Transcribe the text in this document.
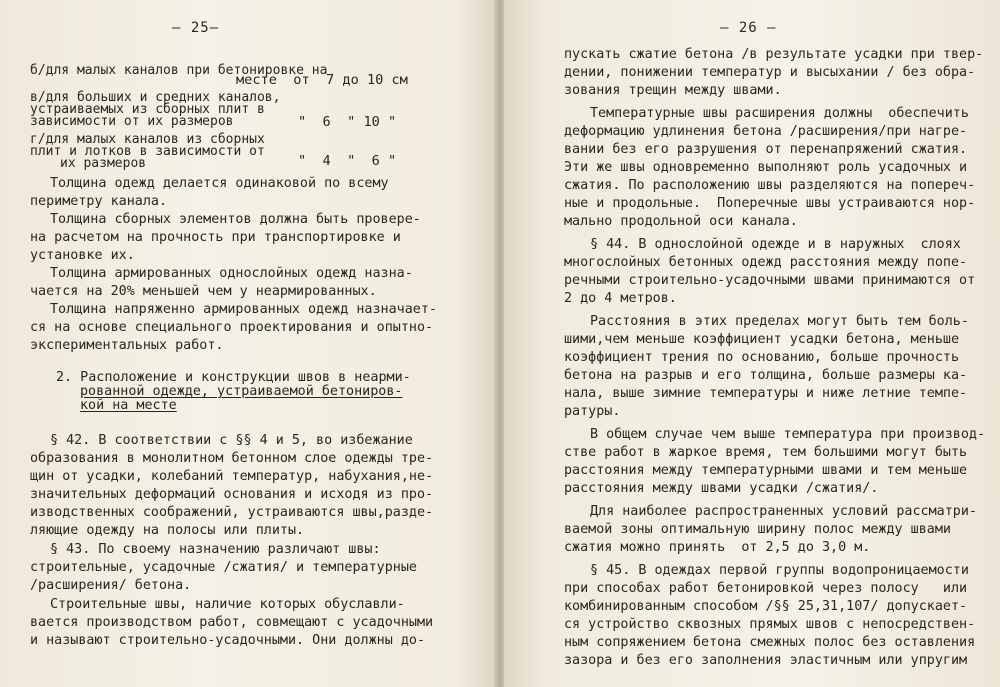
— 25—
б/для малых каналов при бетонировке на
месте  от  7 до 10 см
в/для больших и средних каналов,
устраиваемых из сборных плит в
зависимости от их размеров	"  6  " 10 "
г/для малых каналов из сборных
плит и лотков в зависимости от
их размеров	"  4  "  6 "
Толщина одежд делается одинаковой по всему
периметру канала.
Толщина сборных элементов должна быть провере-
на расчетом на прочность при транспортировке и
установке их.
Толщина армированных однослойных одежд назна-
чается на 20% меньшей чем у неармированных.
Толщина напряженно армированных одежд назначает-
ся на основе специального проектирования и опытно-
экспериментальных работ.
2. Расположение и конструкции швов в неарми-
рованной одежде, устраиваемой бетониров-
кой на месте
§ 42. В соответствии с §§ 4 и 5, во избежание
образования в монолитном бетонном слое одежды тре-
щин от усадки, колебаний температур, набухания,не-
значительных деформаций основания и исходя из про-
изводственных соображений, устраиваются швы,разде-
ляющие одежду на полосы или плиты.
§ 43. По своему назначению различают швы:
строительные, усадочные /сжатия/ и температурные
/расширения/ бетона.
Строительные швы, наличие которых обуславли-
вается производством работ, совмещают с усадочными
и называют строительно-усадочными. Они должны до-
— 26 —
пускать сжатие бетона /в результате усадки при твер-
дении, понижении температур и высыхании / без обра-
зования трещин между швами.
Температурные швы расширения должны  обеспечить
деформацию удлинения бетона /расширения/при нагре-
вании без его разрушения от перенапряжений сжатия.
Эти же швы одновременно выполняют роль усадочных и
сжатия. По расположению швы разделяются на попереч-
ные и продольные.  Поперечные швы устраиваются нор-
мально продольной оси канала.
§ 44. В однослойной одежде и в наружных  слоях
многослойных бетонных одежд расстояния между попе-
речными строительно-усадочными швами принимаются от
2 до 4 метров.
Расстояния в этих пределах могут быть тем боль-
шими,чем меньше коэффициент усадки бетона, меньше
коэффициент трения по основанию, больше прочность
бетона на разрыв и его толщина, больше размеры ка-
нала, выше зимние температуры и ниже летние темпе-
ратуры.
В общем случае чем выше температура при производ-
стве работ в жаркое время, тем большими могут быть
расстояния между температурными швами и тем меньше
расстояния между швами усадки /сжатия/.
Для наиболее распространенных условий рассматри-
ваемой зоны оптимальную ширину полос между швами
сжатия можно принять  от 2,5 до 3,0 м.
§ 45. В одеждах первой группы водопроницаемости
при способах работ бетонировкой через полосу   или
комбинированным способом /§§ 25,31,107/ допускает-
ся устройство сквозных прямых швов с непосредствен-
ным сопряжением бетона смежных полос без оставления
зазора и без его заполнения эластичным или упругим
